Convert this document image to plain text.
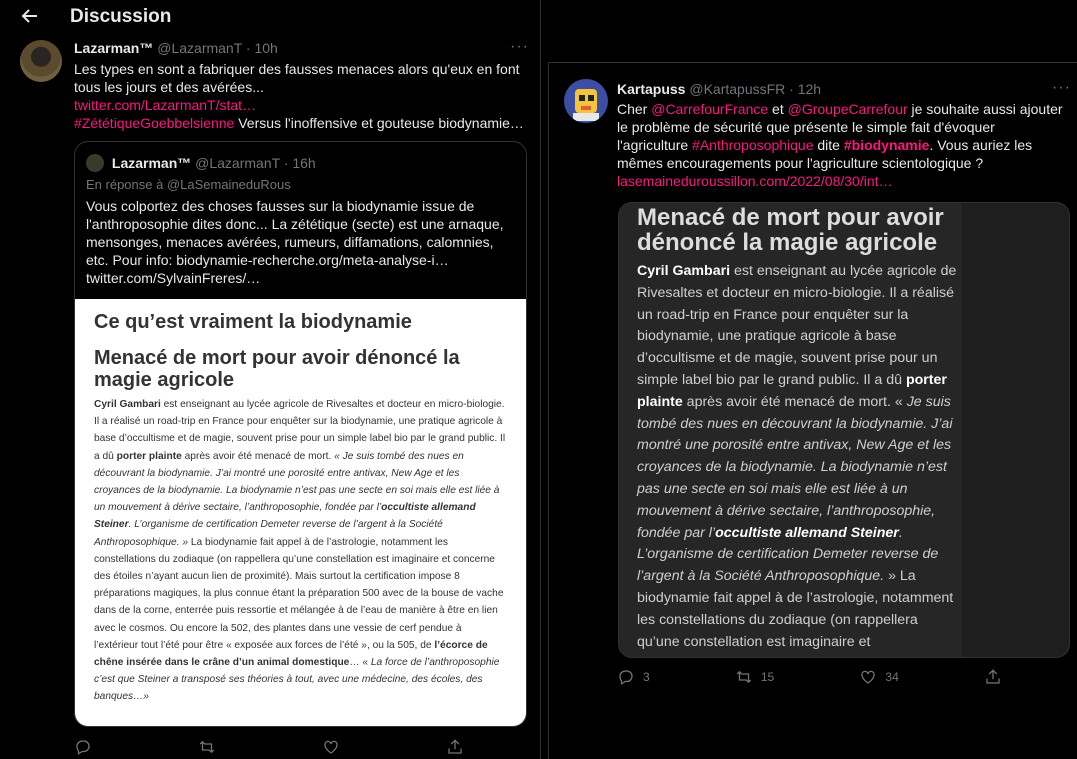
Discussion
Lazarman™ @LazarmanT · 10h	···
Les types en sont a fabriquer des fausses menaces alors qu'eux en font tous les jours et des avérées...
twitter.com/LazarmanT/stat…
#ZététiqueGoebbelsienne Versus l'inoffensive et gouteuse biodynamie…
Lazarman™ @LazarmanT · 16h
En réponse à @LaSemaineduRous
Vous colportez des choses fausses sur la biodynamie issue de l'anthroposophie dites donc... La zététique (secte) est une arnaque, mensonges, menaces avérées, rumeurs, diffamations, calomnies, etc. Pour info: biodynamie-recherche.org/meta-analyse-i… twitter.com/SylvainFreres/…
Ce qu’est vraiment la biodynamie
Menacé de mort pour avoir dénoncé la magie agricole
Cyril Gambari est enseignant au lycée agricole de Rivesaltes et docteur en micro-biologie. Il a réalisé un road-trip en France pour enquêter sur la biodynamie, une pratique agricole à base d’occultisme et de magie, souvent prise pour un simple label bio par le grand public. Il a dû porter plainte après avoir été menacé de mort. « Je suis tombé des nues en découvrant la biodynamie. J’ai montré une porosité entre antivax, New Age et les croyances de la biodynamie. La biodynamie n’est pas une secte en soi mais elle est liée à un mouvement à dérive sectaire, l’anthroposophie, fondée par l’occultiste allemand Steiner. L’organisme de certification Demeter reverse de l’argent à la Société Anthroposophique. » La biodynamie fait appel à de l’astrologie, notamment les constellations du zodiaque (on rappellera qu’une constellation est imaginaire et concerne des étoiles n’ayant aucun lien de proximité). Mais surtout la certification impose 8 préparations magiques, la plus connue étant la préparation 500 avec de la bouse de vache dans de la corne, enterrée puis ressortie et mélangée à de l’eau de manière à être en lien avec le cosmos. Ou encore la 502, des plantes dans une vessie de cerf pendue à l’extérieur tout l’été pour être « exposée aux forces de l’été », ou la 505, de l’écorce de chêne insérée dans le crâne d’un animal domestique… « La force de l’anthroposophie c’est que Steiner a transposé ses théories à tout, avec une médecine, des écoles, des banques…»
Kartapuss @KartapussFR · 12h	···
Cher @CarrefourFrance et @GroupeCarrefour je souhaite aussi ajouter le problème de sécurité que présente le simple fait d'évoquer l'agriculture #Anthroposophique dite #biodynamie. Vous auriez les mêmes encouragements pour l'agriculture scientologique ?
lasemaineduroussillon.com/2022/08/30/int…
Menacé de mort pour avoir dénoncé la magie agricole
Cyril Gambari est enseignant au lycée agricole de Rivesaltes et docteur en micro-biologie. Il a réalisé un road-trip en France pour enquêter sur la biodynamie, une pratique agricole à base d’occultisme et de magie, souvent prise pour un simple label bio par le grand public. Il a dû porter plainte après avoir été menacé de mort. « Je suis tombé des nues en découvrant la biodynamie. J’ai montré une porosité entre antivax, New Age et les croyances de la biodynamie. La biodynamie n’est pas une secte en soi mais elle est liée à un mouvement à dérive sectaire, l’anthroposophie, fondée par l’occultiste allemand Steiner. L’organisme de certification Demeter reverse de l’argent à la Société Anthroposophique. » La biodynamie fait appel à de l’astrologie, notamment les constellations du zodiaque (on rappellera qu’une constellation est imaginaire et
3	15	34
